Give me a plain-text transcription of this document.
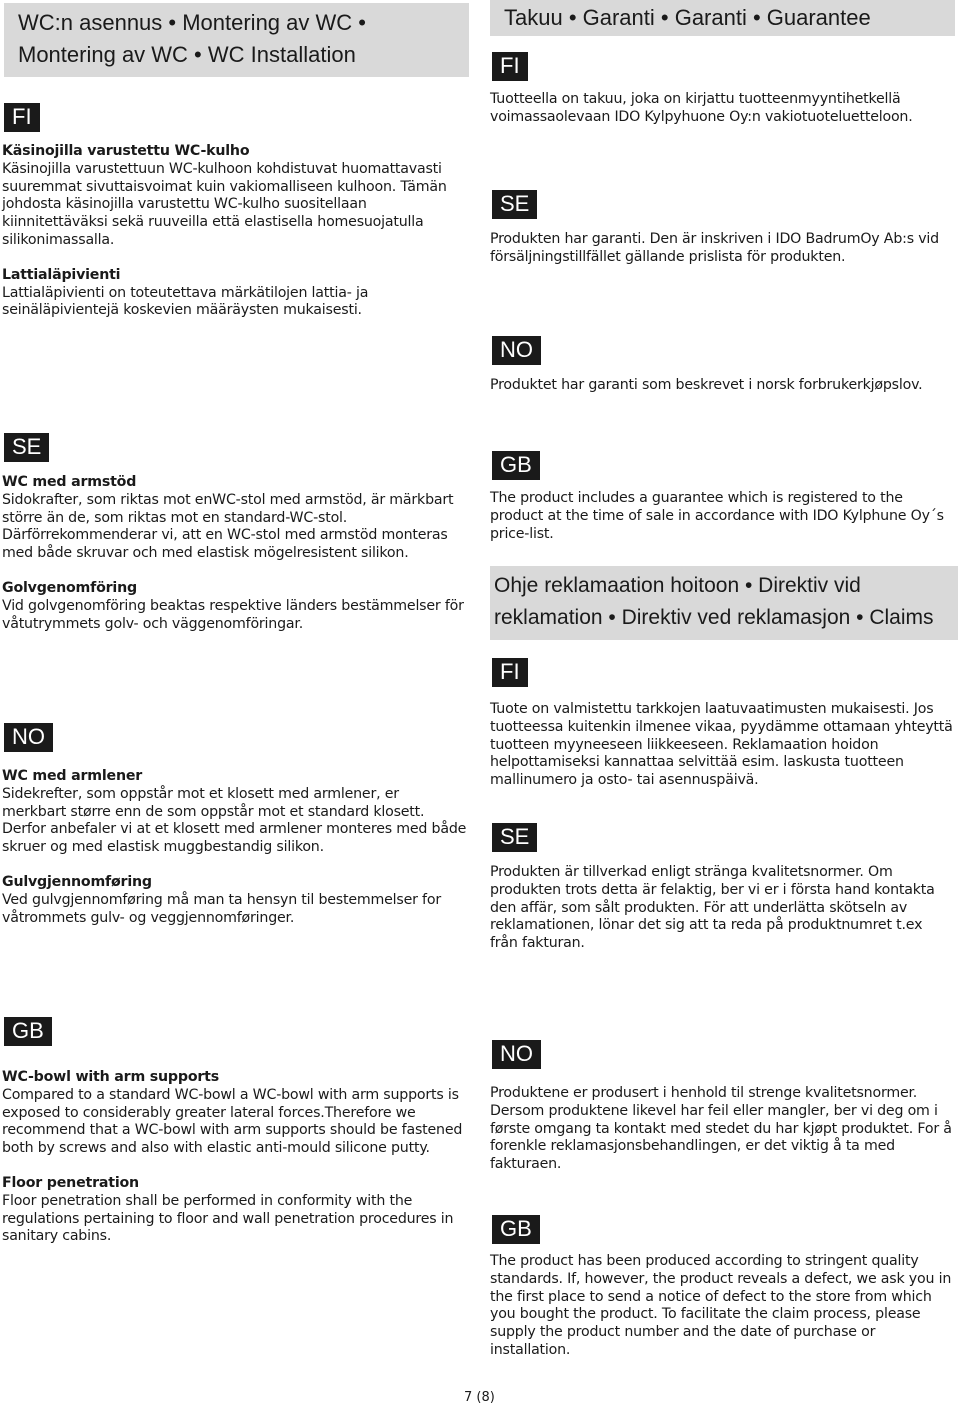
WC:n asennus • Montering av WC • Montering av WC • WC Installation
FI
Käsinojilla varustettu WC-kulho
Käsinojilla varustettuun WC-kulhoon kohdistuvat huomattavasti suuremmat sivuttaisvoimat kuin vakiomalliseen kulhoon. Tämän johdosta käsinojilla varustettu WC-kulho suositellaan kiinnitettäväksi sekä ruuveilla että elastisella homesuojatulla silikonimassalla.
Lattialäpivienti
Lattialäpivienti on toteutettava märkätilojen lattia- ja seinäläpivientejä koskevien määräysten mukaisesti.
SE
WC med armstöd
Sidokrafter, som riktas mot enWC-stol med armstöd, är märkbart större än de, som riktas mot en standard-WC-stol. Därförrekommenderar vi, att en WC-stol med armstöd monteras med både skruvar och med elastisk mögelresistent silikon.
Golvgenomföring
Vid golvgenomföring beaktas respektive länders bestämmelser för våtutrymmets golv- och väggenomföringar.
NO
WC med armlener
Sidekrefter, som oppstår mot et klosett med armlener, er merkbart større enn de som oppstår mot et standard klosett. Derfor anbefaler vi at et klosett med armlener monteres med både skruer og med elastisk muggbestandig silikon.
Gulvgjennomføring
Ved gulvgjennomføring må man ta hensyn til bestemmelser for våtrommets gulv- og veggjennomføringer.
GB
WC-bowl with arm supports
Compared to a standard WC-bowl a WC-bowl with arm supports is exposed to considerably greater lateral forces.Therefore we recommend that a WC-bowl with arm supports should be fastened both by screws and also with elastic anti-mould silicone putty.
Floor penetration
Floor penetration shall be performed in conformity with the regulations pertaining to floor and wall penetration procedures in sanitary cabins.
Takuu • Garanti • Garanti • Guarantee
FI
Tuotteella on takuu, joka on kirjattu tuotteenmyyntihetkellä voimassaolevaan IDO Kylpyhuone Oy:n vakiotuoteluetteloon.
SE
Produkten har garanti. Den är inskriven i IDO BadrumOy Ab:s vid försäljningstillfället gällande prislista för produkten.
NO
Produktet har garanti som beskrevet i norsk forbrukerkjøpslov.
GB
The product includes a guarantee which is registered to the product at the time of sale in accordance with IDO Kylphune Oy´s price-list.
Ohje reklamaation hoitoon • Direktiv vid reklamation • Direktiv ved reklamasjon • Claims
FI
Tuote on valmistettu tarkkojen laatuvaatimusten mukaisesti. Jos tuotteessa kuitenkin ilmenee vikaa, pyydämme ottamaan yhteyttä tuotteen myyneeseen liikkeeseen. Reklamaation hoidon helpottamiseksi kannattaa selvittää esim. laskusta tuotteen mallinumero ja osto- tai asennuspäivä.
SE
Produkten är tillverkad enligt stränga kvalitetsnormer. Om produkten trots detta är felaktig, ber vi er i första hand kontakta den affär, som sålt produkten. För att underlätta skötseln av reklamationen, lönar det sig att ta reda på produktnumret t.ex från fakturan.
NO
Produktene er produsert i henhold til strenge kvalitetsnormer. Dersom produktene likevel har feil eller mangler, ber vi deg om i første omgang ta kontakt med stedet du har kjøpt produktet. For å forenkle reklamasjonsbehandlingen, er det viktig å ta med fakturaen.
GB
The product has been produced according to stringent quality standards. If, however, the product reveals a defect, we ask you in the first place to send a notice of defect to the store from which you bought the product. To facilitate the claim process, please supply the product number and the date of purchase or installation.
7 (8)
